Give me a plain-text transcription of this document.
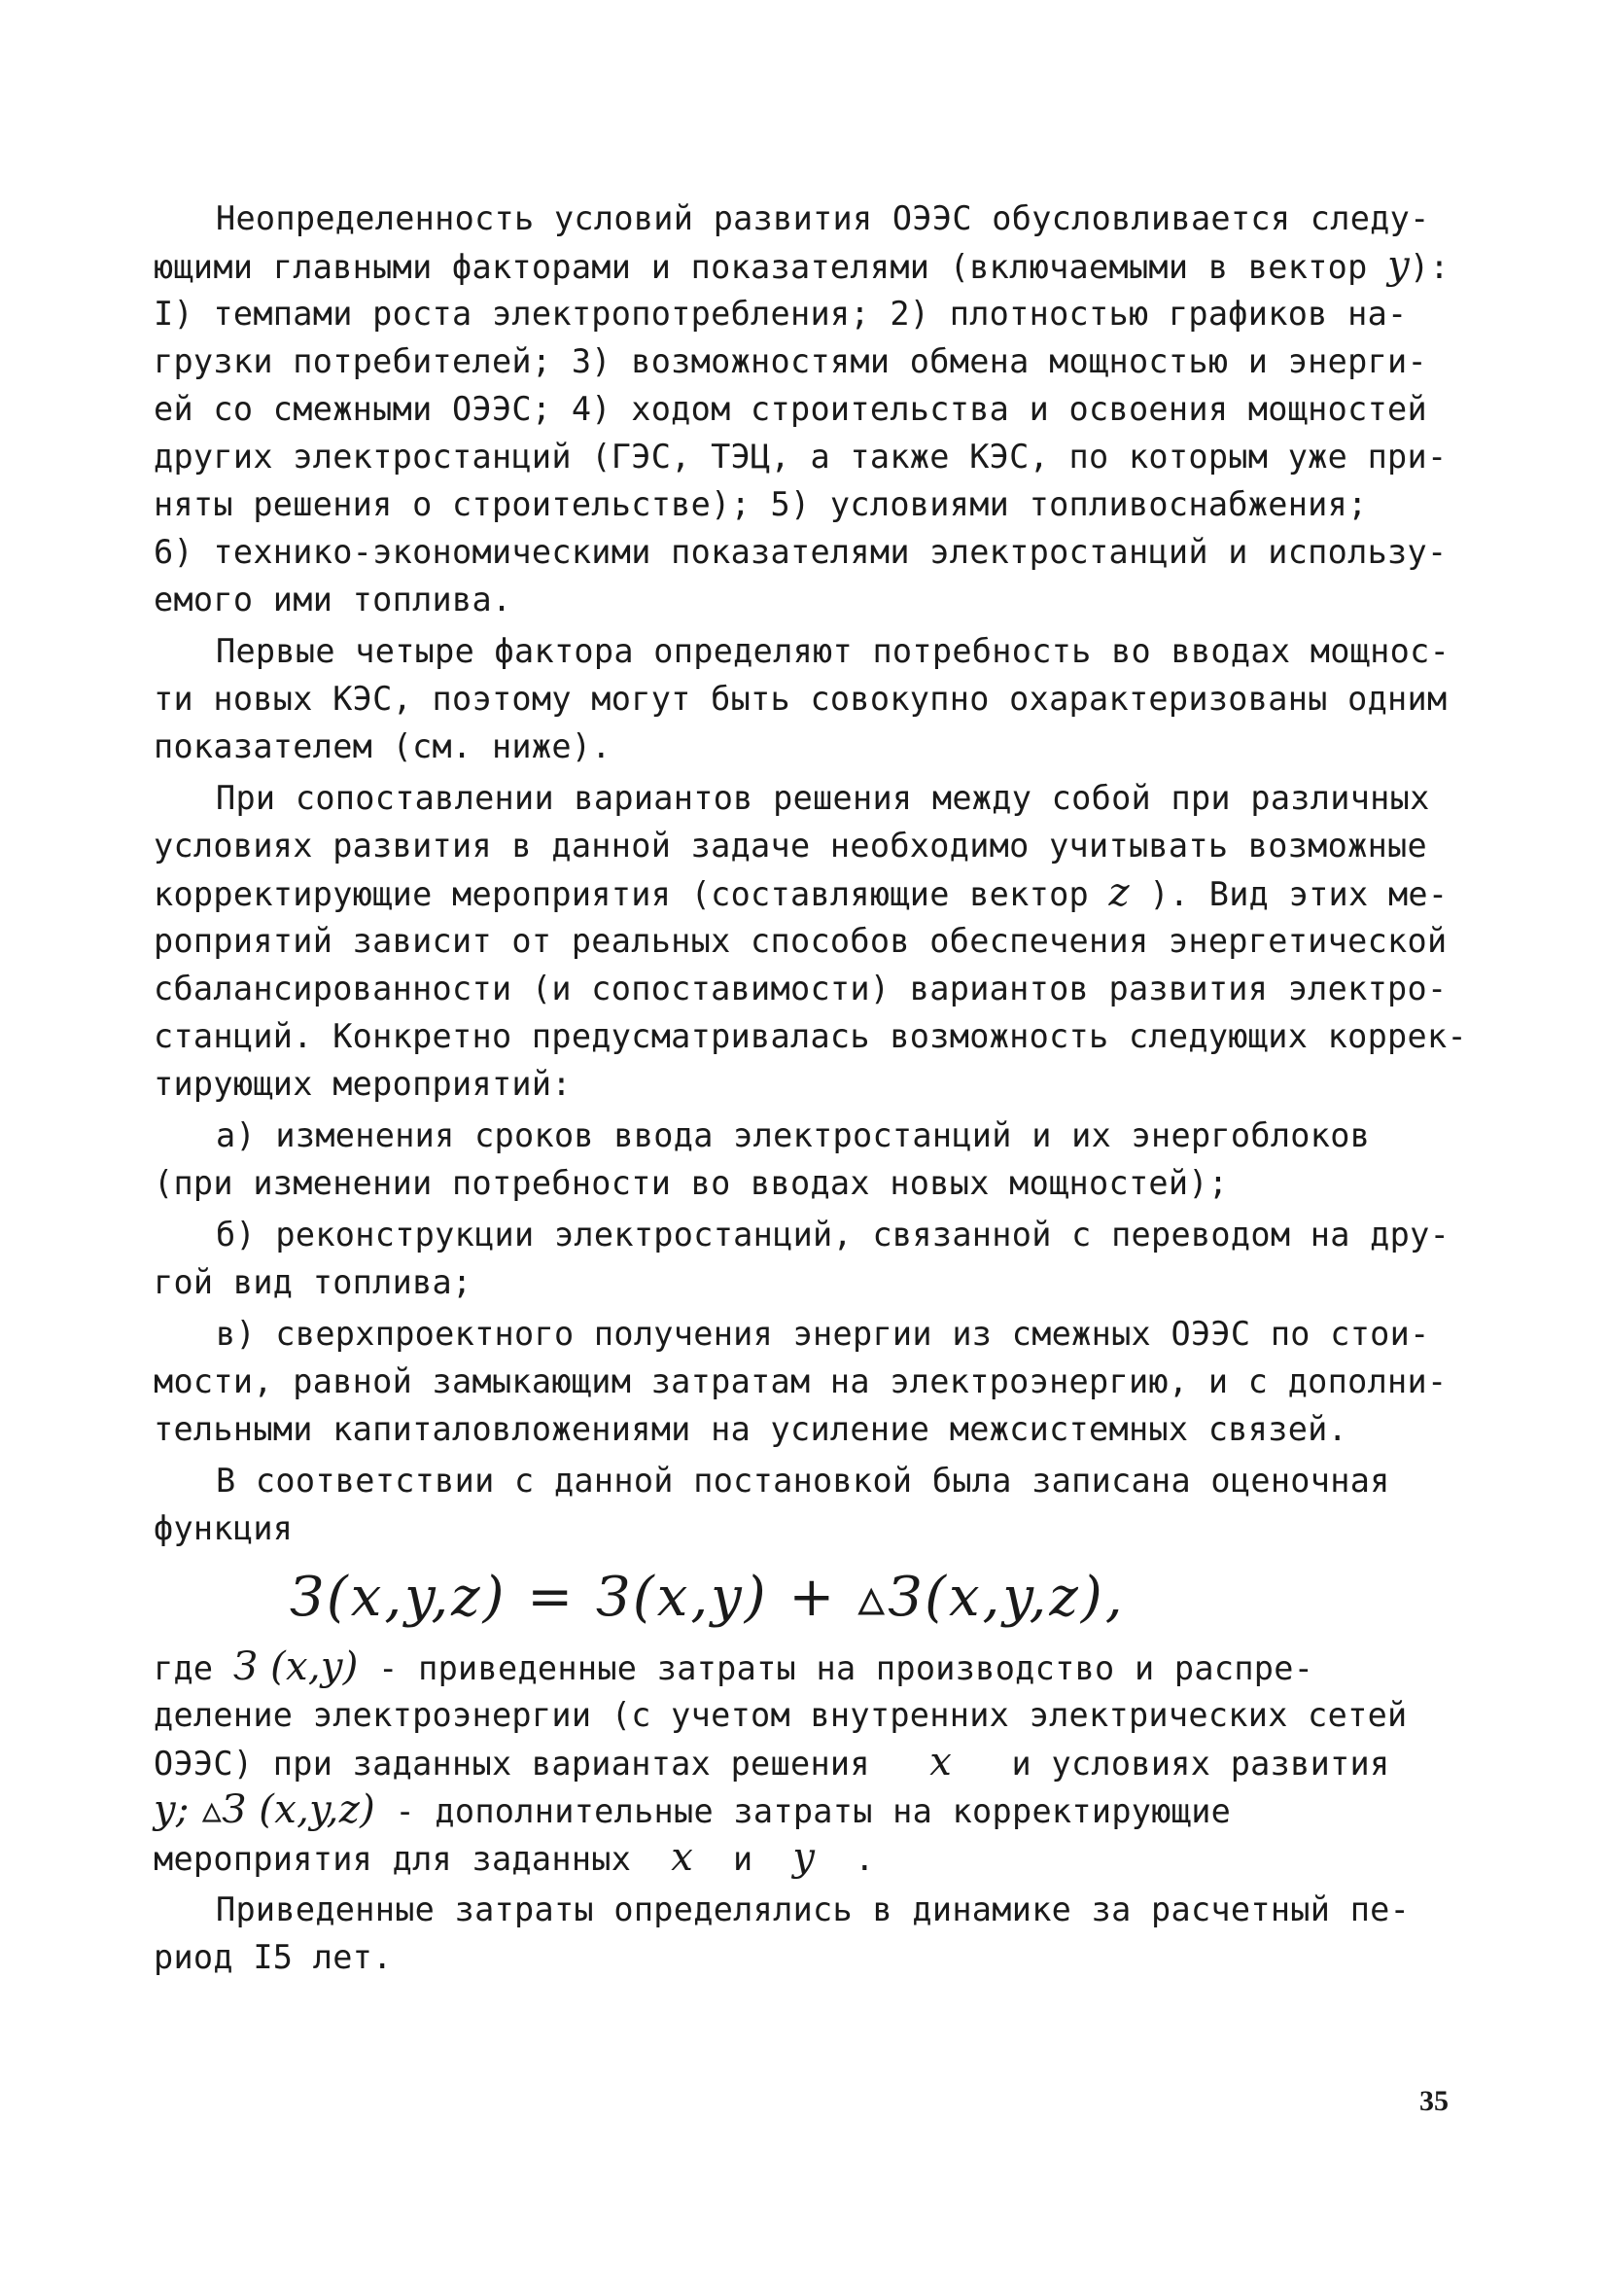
Неопределенность условий развития ОЭЭС обусловливается следу-
ющими главными факторами и показателями (включаемыми в вектор y):
I) темпами роста электропотребления; 2) плотностью графиков на-
грузки потребителей; 3) возможностями обмена мощностью и энерги-
ей со смежными ОЭЭС; 4) ходом строительства и освоения мощностей
других электростанций (ГЭС, ТЭЦ, а также КЭС, по которым уже при-
няты решения о строительстве); 5) условиями топливоснабжения;
6) технико-экономическими показателями электростанций и использу-
емого ими топлива.
Первые четыре фактора определяют потребность во вводах мощнос-
ти новых КЭС, поэтому могут быть совокупно охарактеризованы одним
показателем (см. ниже).
При сопоставлении вариантов решения между собой при различных
условиях развития в данной задаче необходимо учитывать возможные
корректирующие мероприятия (составляющие вектор z ). Вид этих ме-
роприятий зависит от реальных способов обеспечения энергетической
сбалансированности (и сопоставимости) вариантов развития электро-
станций. Конкретно предусматривалась возможность следующих коррек-
тирующих мероприятий:
а) изменения сроков ввода электростанций и их энергоблоков
(при изменении потребности во вводах новых мощностей);
б) реконструкции электростанций, связанной с переводом на дру-
гой вид топлива;
в) сверхпроектного получения энергии из смежных ОЭЭС по стои-
мости, равной замыкающим затратам на электроэнергию, и с дополни-
тельными капиталовложениями на усиление межсистемных связей.
В соответствии с данной постановкой была записана оценочная
функция
З(x,y,z) = З(x,y) + ▵З(x,y,z),
где З (x,y) - приведенные затраты на производство и распре-
деление электроэнергии (с учетом внутренних электрических сетей
ОЭЭС) при заданных вариантах решения x и условиях развития
y; ▵З (x,y,z) - дополнительные затраты на корректирующие
мероприятия для заданных x и y .
Приведенные затраты определялись в динамике за расчетный пе-
риод I5 лет.
35
